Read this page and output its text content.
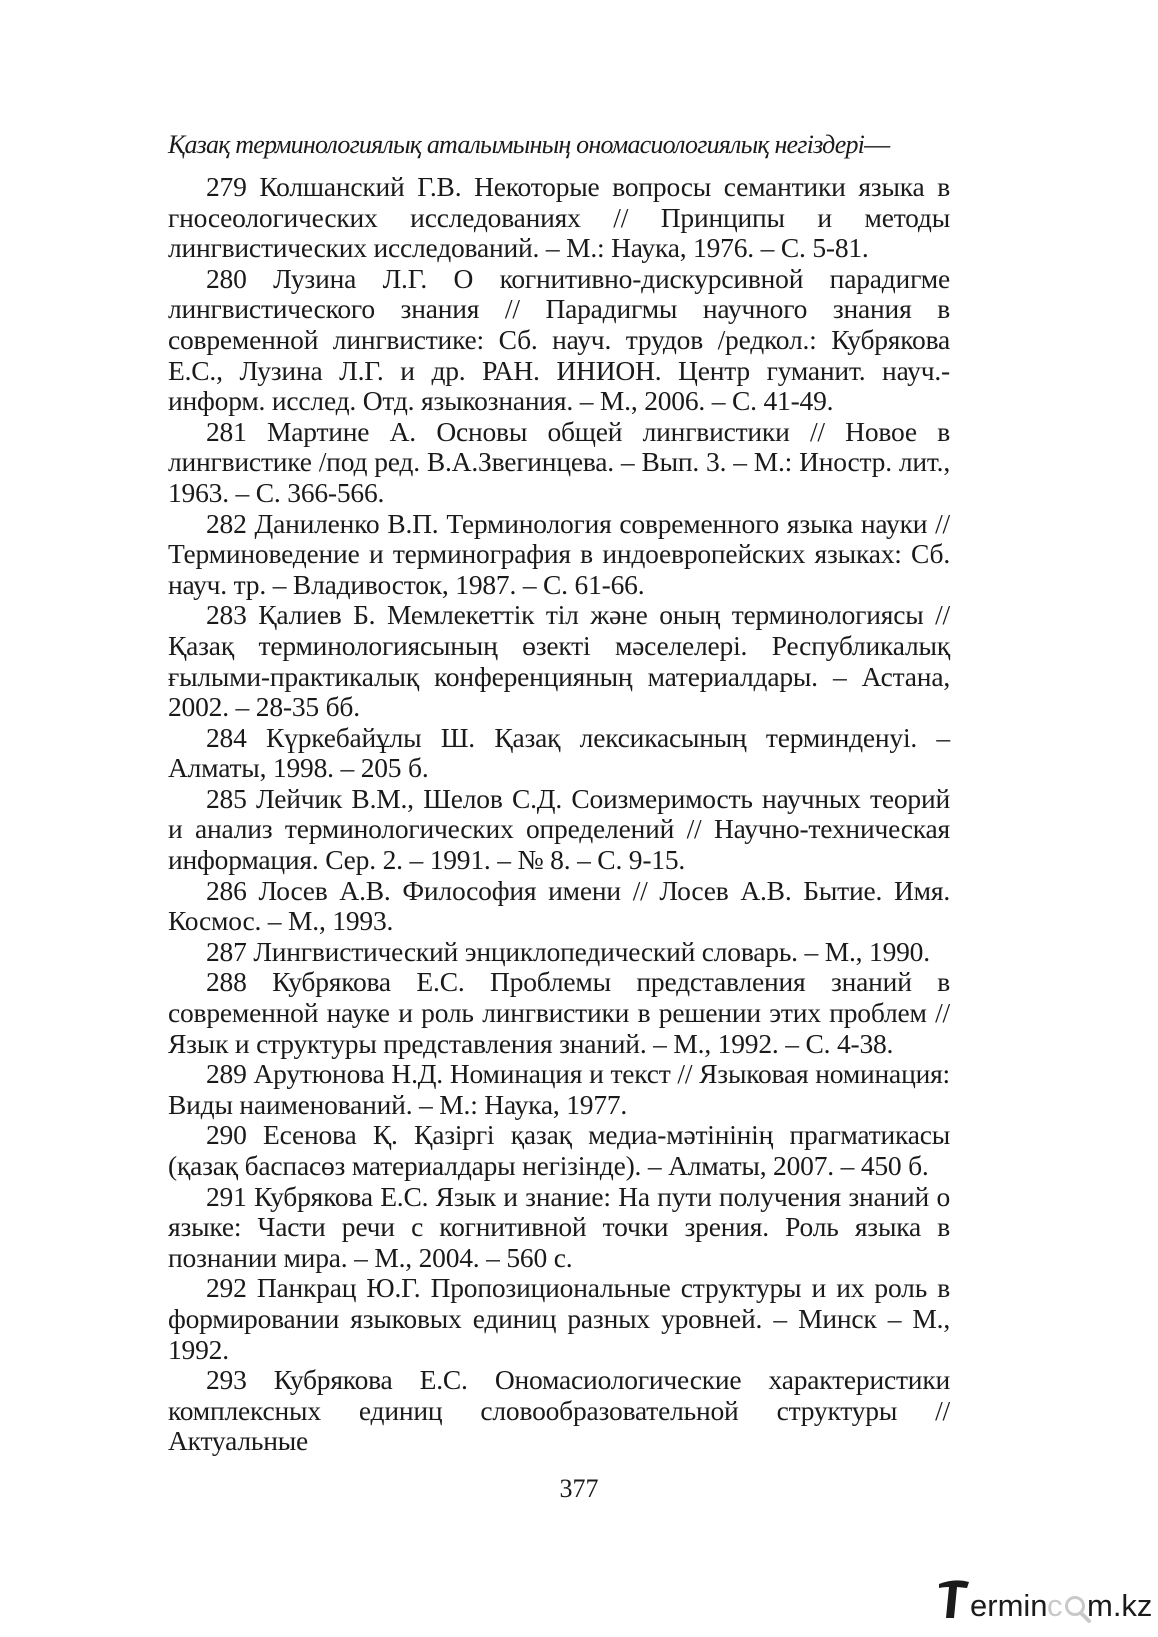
Қазақ терминологиялық аталымының ономасиологиялық негіздері—

279 Колшанский Г.В. Некоторые вопросы семантики языка в гносеологических исследованиях // Принципы и методы лингвистических исследований. – М.: Наука, 1976. – С. 5-81.

280 Лузина Л.Г. О когнитивно-дискурсивной парадигме лингвистического знания // Парадигмы научного знания в современной лингвистике: Сб. науч. трудов /редкол.: Кубрякова Е.С., Лузина Л.Г. и др. РАН. ИНИОН. Центр гуманит. науч.-информ. исслед. Отд. языкознания. – М., 2006. – С. 41-49.

281 Мартине А. Основы общей лингвистики // Новое в лингвистике /под ред. В.А.Звегинцева. – Вып. 3. – М.: Иностр. лит., 1963. – С. 366-566.

282 Даниленко В.П. Терминология современного языка науки // Терминоведение и терминография в индоевропейских языках: Сб. науч. тр. – Владивосток, 1987. – С. 61-66.

283 Қалиев Б. Мемлекеттік тіл және оның терминологиясы // Қазақ терминологиясының өзекті мәселелері. Республикалық ғылыми-практикалық конференцияның материалдары. – Астана, 2002. – 28-35 бб.

284 Күркебайұлы Ш. Қазақ лексикасының терминденуі. – Алматы, 1998. – 205 б.

285 Лейчик В.М., Шелов С.Д. Соизмеримость научных теорий и анализ терминологических определений // Научно-техническая информация. Сер. 2. – 1991. – № 8. – С. 9-15.

286 Лосев А.В. Философия имени // Лосев А.В. Бытие. Имя. Космос. – М., 1993.

287 Лингвистический энциклопедический словарь. – М., 1990.

288 Кубрякова Е.С. Проблемы представления знаний в современной науке и роль лингвистики в решении этих проблем // Язык и структуры представления знаний. – М., 1992. – С. 4-38.

289 Арутюнова Н.Д. Номинация и текст // Языковая номинация: Виды наименований. – М.: Наука, 1977.

290 Есенова Қ. Қазіргі қазақ медиа-мәтінінің прагматикасы (қазақ баспасөз материалдары негізінде). – Алматы, 2007. – 450 б.

291 Кубрякова Е.С. Язык и знание: На пути получения знаний о языке: Части речи с когнитивной точки зрения. Роль языка в познании мира. – М., 2004. – 560 с.

292 Панкрац Ю.Г. Пропозициональные структуры и их роль в формировании языковых единиц разных уровней. – Минск – М., 1992.

293 Кубрякова Е.С. Ономасиологические характеристики комплексных единиц словообразовательной структуры // Актуальные

377
ermin c m.kz
